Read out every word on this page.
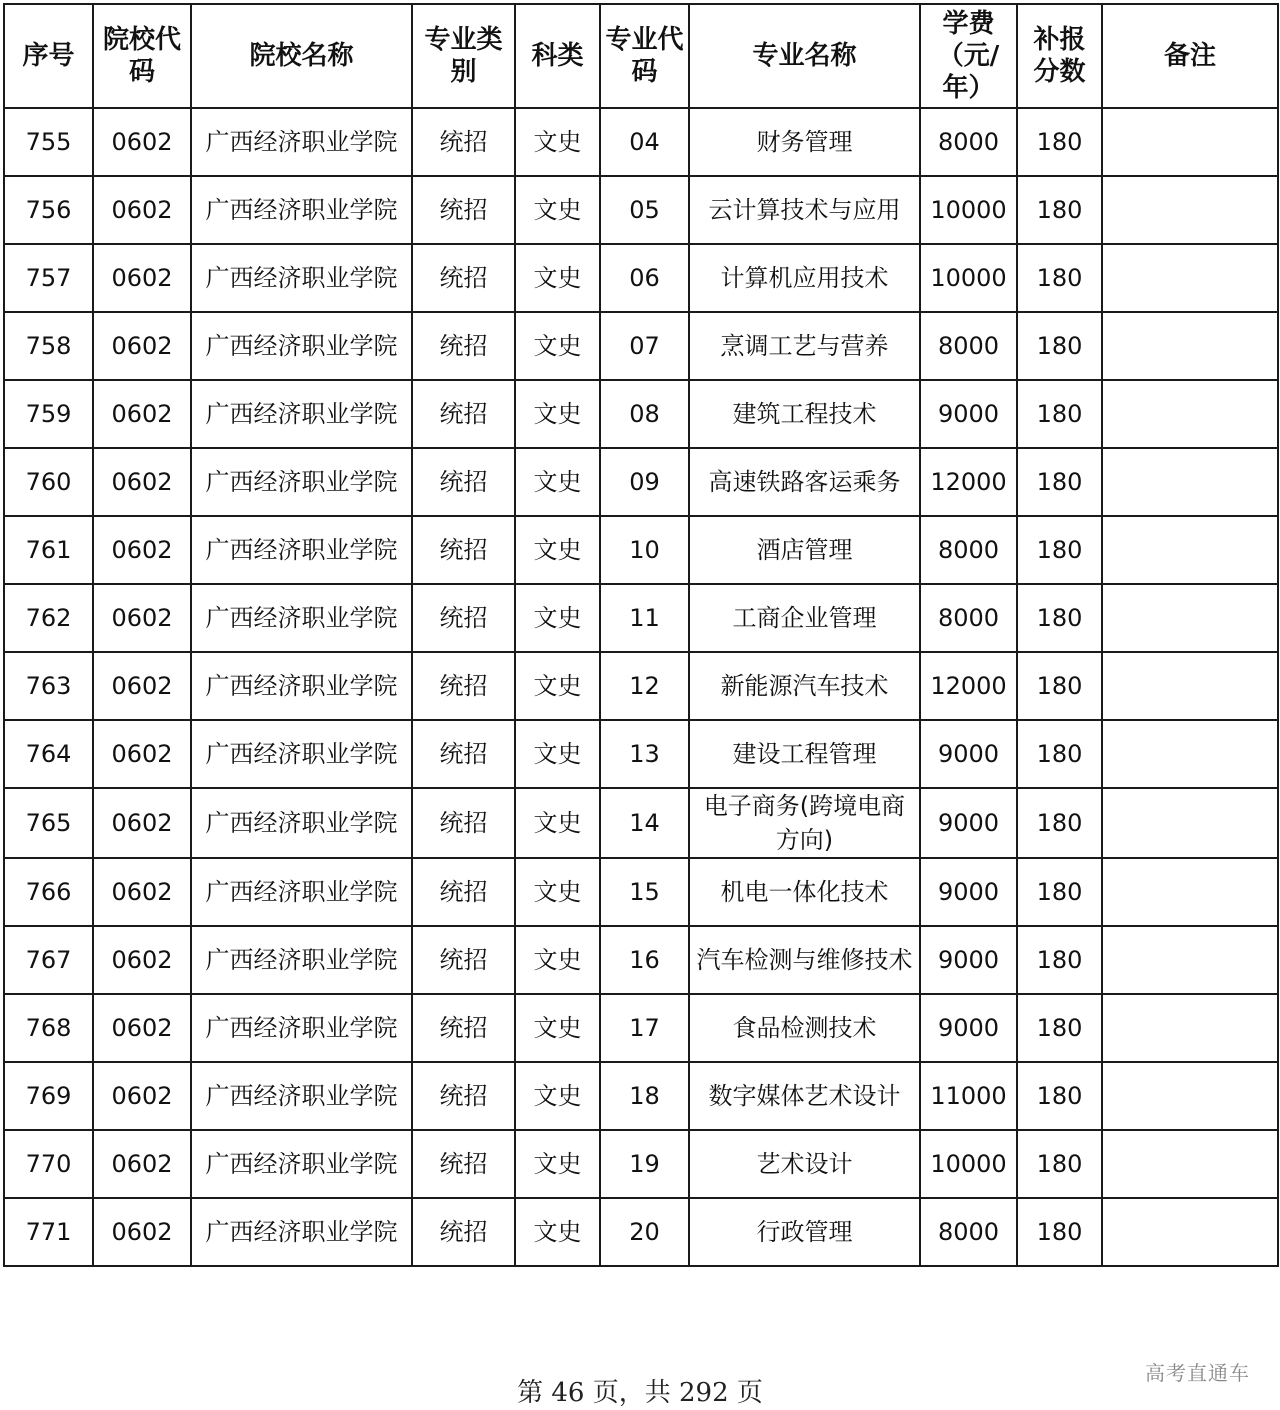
序号	院校代码	院校名称	专业类别	科类	专业代码	专业名称	学费（元/年）	补报分数	备注
755	0602	广西经济职业学院	统招	文史	04	财务管理	8000	180	
756	0602	广西经济职业学院	统招	文史	05	云计算技术与应用	10000	180	
757	0602	广西经济职业学院	统招	文史	06	计算机应用技术	10000	180	
758	0602	广西经济职业学院	统招	文史	07	烹调工艺与营养	8000	180	
759	0602	广西经济职业学院	统招	文史	08	建筑工程技术	9000	180	
760	0602	广西经济职业学院	统招	文史	09	高速铁路客运乘务	12000	180	
761	0602	广西经济职业学院	统招	文史	10	酒店管理	8000	180	
762	0602	广西经济职业学院	统招	文史	11	工商企业管理	8000	180	
763	0602	广西经济职业学院	统招	文史	12	新能源汽车技术	12000	180	
764	0602	广西经济职业学院	统招	文史	13	建设工程管理	9000	180	
765	0602	广西经济职业学院	统招	文史	14	电子商务(跨境电商方向)	9000	180	
766	0602	广西经济职业学院	统招	文史	15	机电一体化技术	9000	180	
767	0602	广西经济职业学院	统招	文史	16	汽车检测与维修技术	9000	180	
768	0602	广西经济职业学院	统招	文史	17	食品检测技术	9000	180	
769	0602	广西经济职业学院	统招	文史	18	数字媒体艺术设计	11000	180	
770	0602	广西经济职业学院	统招	文史	19	艺术设计	10000	180	
771	0602	广西经济职业学院	统招	文史	20	行政管理	8000	180	
第 46 页，共 292 页
高考直通车
